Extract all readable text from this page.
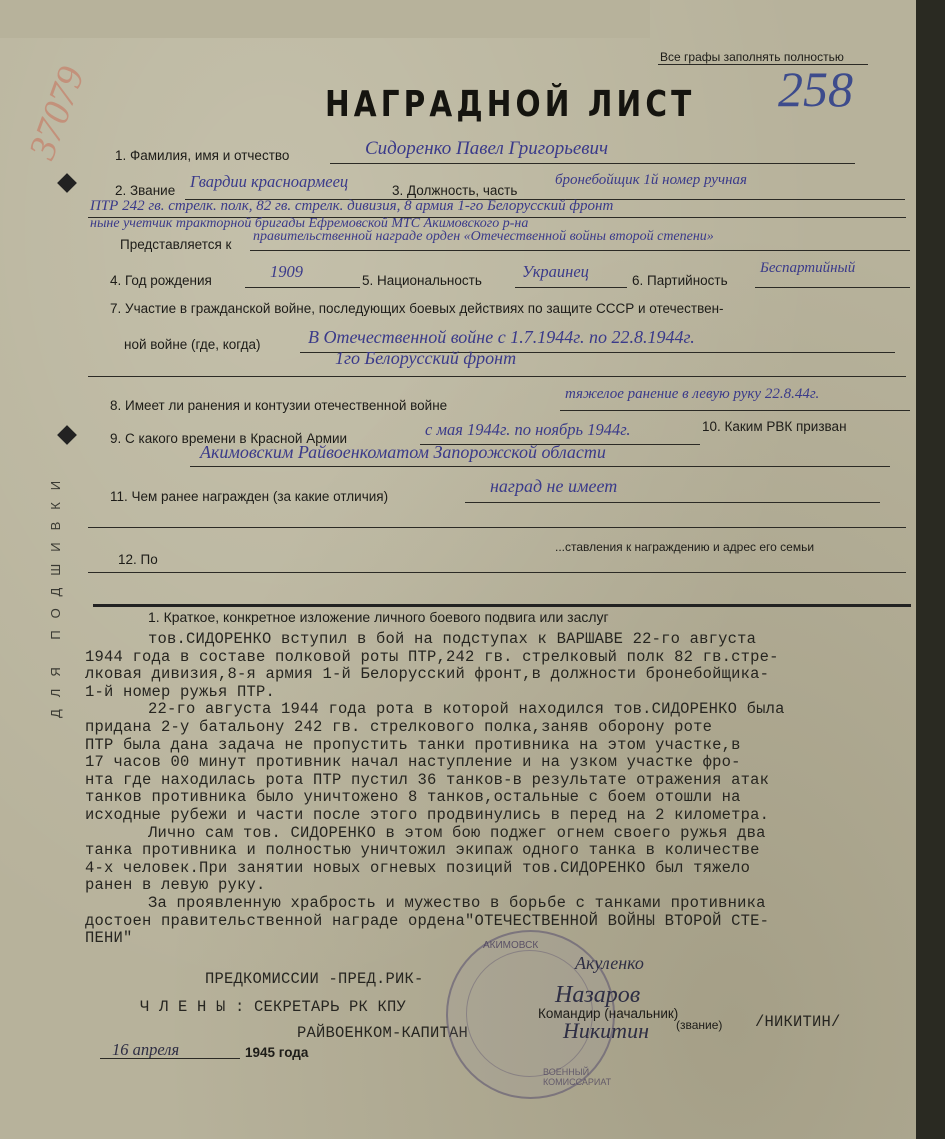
37079
Все графы заполнять полностью
258
НАГРАДНОЙ ЛИСТ
ДЛЯ ПОДШИВКИ
1. Фамилия, имя и отчество	Сидоренко Павел Григорьевич
2. Звание Гвардии красноармеец	3. Должность, часть
бронебойщик 1й номер ручная
ПТР 242 гв. стрелк. полк, 82 гв. стрелк. дивизия, 8 армия 1-го Белорусский фронт
ныне учетчик тракторной бригады Ефремовской МТС Акимовского р-на
Представляется к
правительственной награде орден «Отечественной войны второй степени»
4. Год рождения	1909	5. Национальность Украинец	6. Партийность
Беспартийный
7. Участие в гражданской войне, последующих боевых действиях по защите СССР и отечествен-
ной войне (где, когда)	В Отечественной войне с 1.7.1944г. по 22.8.1944г.
1го Белорусский фронт
8. Имеет ли ранения и контузии отечественной войне
тяжелое ранение в левую руку 22.8.44г.
9. С какого времени в Красной Армии	с мая 1944г. по ноябрь 1944г.	10. Каким РВК призван
Акимовским Райвоенкоматом Запорожской области
11. Чем ранее награжден (за какие отличия)
наград не имеет
12. По
...ставления к награждению и адрес его семьи
1. Краткое, конкретное изложение личного боевого подвига или заслуг
тов.СИДОРЕНКО вступил в бой на подступах к ВАРШАВЕ 22-го августа
1944 года в составе полковой роты ПТР,242 гв. стрелковый полк 82 гв.стре-
лковая дивизия,8-я армия 1-й Белорусский фронт,в должности бронебойщика-
1-й номер ружья ПТР.
22-го августа 1944 года рота в которой находился тов.СИДОРЕНКО была
придана 2-у батальону 242 гв. стрелкового полка,заняв оборону роте
ПТР была дана задача не пропустить танки противника на этом участке,в
17 часов 00 минут противник начал наступление и на узком участке фро-
нта где находилась рота ПТР пустил 36 танков-в результате отражения атак
танков противника было уничтожено 8 танков,остальные с боем отошли на
исходные рубежи и части после этого продвинулись в перед на 2 километра.
Лично сам тов. СИДОРЕНКО в этом бою поджег огнем своего ружья два
танка противника и полностью уничтожил экипаж одного танка в количестве
4-х человек.При занятии новых огневых позиций тов.СИДОРЕНКО был тяжело
ранен в левую руку.
За проявленную храбрость и мужество в борьбе с танками противника
достоен правительственной награде ордена"ОТЕЧЕСТВЕННОЙ ВОЙНЫ ВТОРОЙ СТЕ-
ПЕНИ"
ПРЕДКОМИССИИ -ПРЕД.РИК-
Ч Л Е Н Ы : СЕКРЕТАРЬ РК КПУ
РАЙВОЕНКОМ-КАПИТАН
АКИМОВСК
ВОЕННЫЙ КОМИССАРИАТ
Акуленко
Назаров
Командир (начальник)
Никитин (звание) /НИКИТИН/
16 апреля	1945 года
